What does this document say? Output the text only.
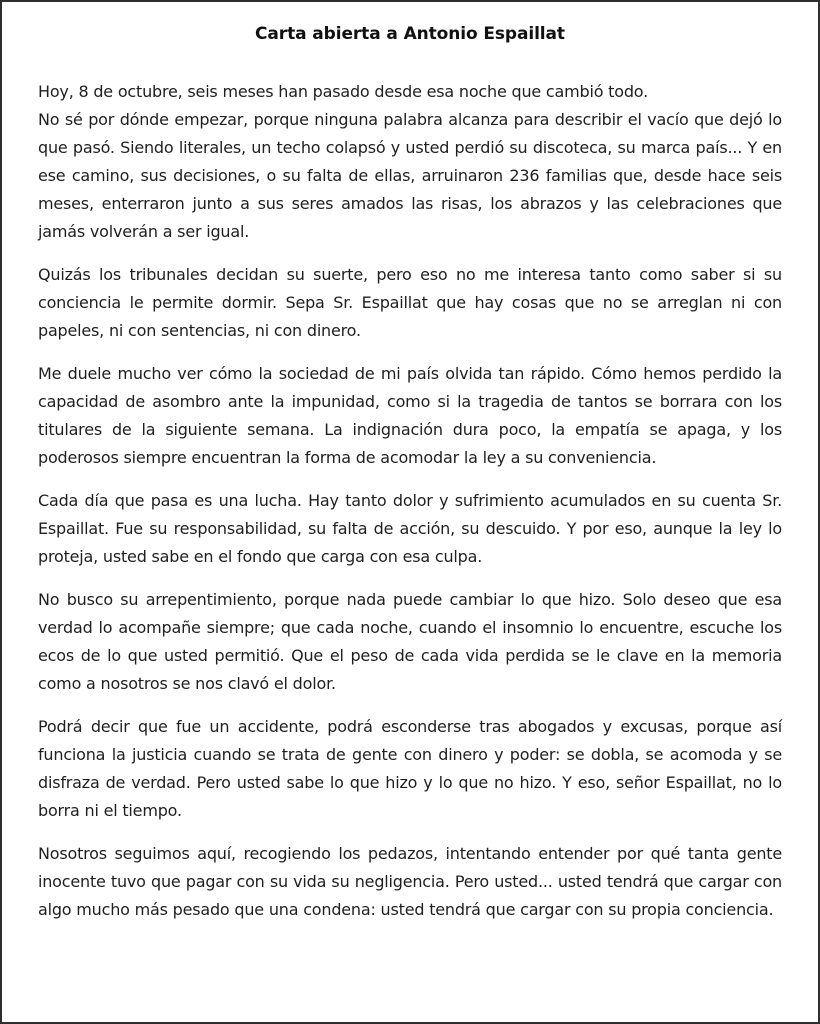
Carta abierta a Antonio Espaillat

Hoy, 8 de octubre, seis meses han pasado desde esa noche que cambió todo.

No sé por dónde empezar, porque ninguna palabra alcanza para describir el vacío que dejó lo que pasó. Siendo literales, un techo colapsó y usted perdió su discoteca, su marca país... Y en ese camino, sus decisiones, o su falta de ellas, arruinaron 236 familias que, desde hace seis meses, enterraron junto a sus seres amados las risas, los abrazos y las celebraciones que jamás volverán a ser igual.

Quizás los tribunales decidan su suerte, pero eso no me interesa tanto como saber si su conciencia le permite dormir. Sepa Sr. Espaillat que hay cosas que no se arreglan ni con papeles, ni con sentencias, ni con dinero.

Me duele mucho ver cómo la sociedad de mi país olvida tan rápido. Cómo hemos perdido la capacidad de asombro ante la impunidad, como si la tragedia de tantos se borrara con los titulares de la siguiente semana. La indignación dura poco, la empatía se apaga, y los poderosos siempre encuentran la forma de acomodar la ley a su conveniencia.

Cada día que pasa es una lucha. Hay tanto dolor y sufrimiento acumulados en su cuenta Sr. Espaillat. Fue su responsabilidad, su falta de acción, su descuido. Y por eso, aunque la ley lo proteja, usted sabe en el fondo que carga con esa culpa.

No busco su arrepentimiento, porque nada puede cambiar lo que hizo. Solo deseo que esa verdad lo acompañe siempre; que cada noche, cuando el insomnio lo encuentre, escuche los ecos de lo que usted permitió. Que el peso de cada vida perdida se le clave en la memoria como a nosotros se nos clavó el dolor.

Podrá decir que fue un accidente, podrá esconderse tras abogados y excusas, porque así funciona la justicia cuando se trata de gente con dinero y poder: se dobla, se acomoda y se disfraza de verdad. Pero usted sabe lo que hizo y lo que no hizo. Y eso, señor Espaillat, no lo borra ni el tiempo.

Nosotros seguimos aquí, recogiendo los pedazos, intentando entender por qué tanta gente inocente tuvo que pagar con su vida su negligencia. Pero usted... usted tendrá que cargar con algo mucho más pesado que una condena: usted tendrá que cargar con su propia conciencia.
